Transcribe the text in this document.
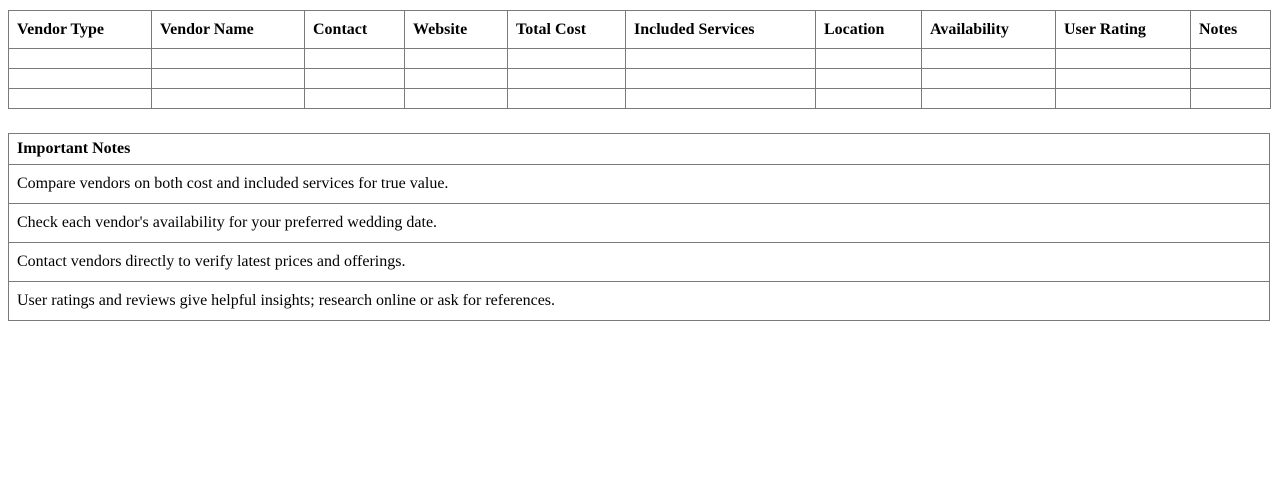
Vendor Type	Vendor Name	Contact	Website	Total Cost	Included Services	Location	Availability	User Rating	Notes

Important Notes
Compare vendors on both cost and included services for true value.
Check each vendor's availability for your preferred wedding date.
Contact vendors directly to verify latest prices and offerings.
User ratings and reviews give helpful insights; research online or ask for references.
